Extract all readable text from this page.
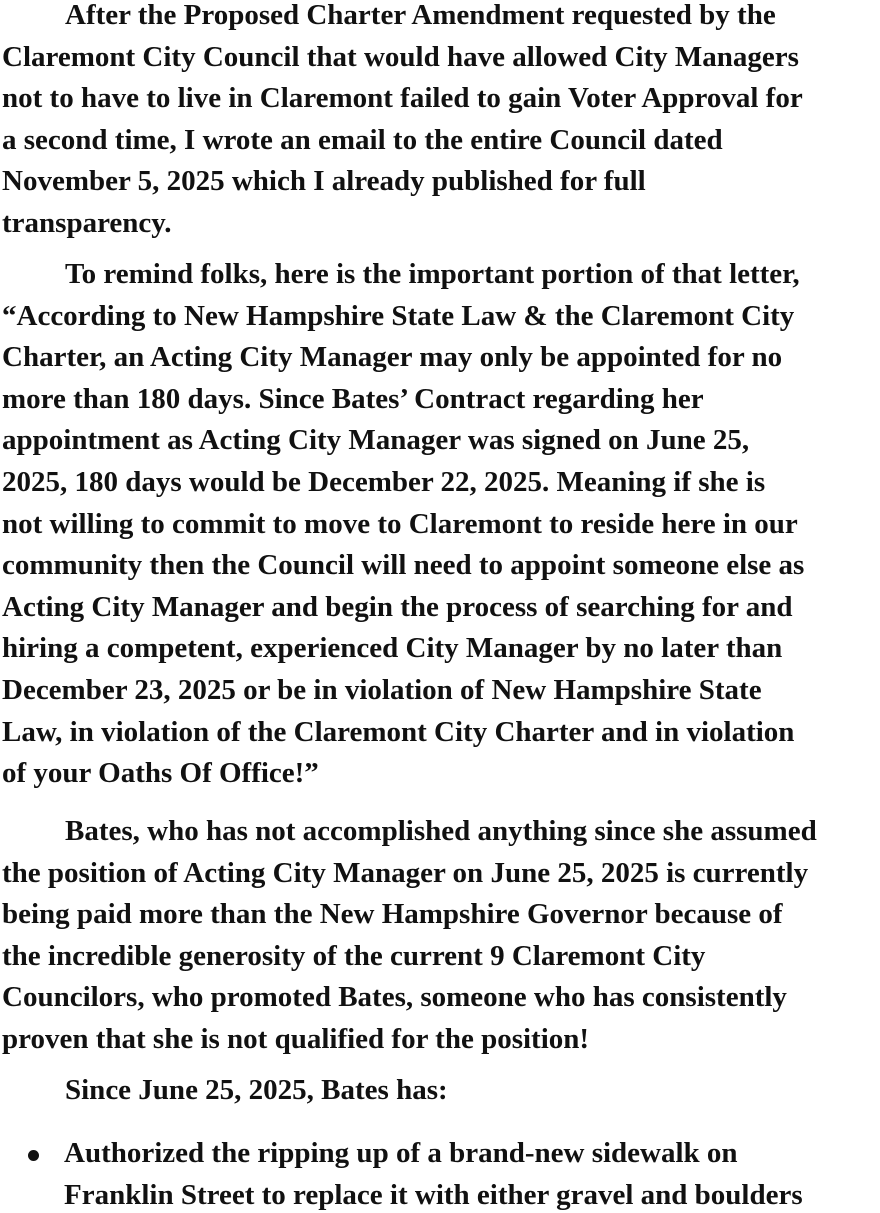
After the Proposed Charter Amendment requested by the
Claremont City Council that would have allowed City Managers
not to have to live in Claremont failed to gain Voter Approval for
a second time, I wrote an email to the entire Council dated
November 5, 2025 which I already published for full
transparency.
To remind folks, here is the important portion of that letter,
“According to New Hampshire State Law & the Claremont City
Charter, an Acting City Manager may only be appointed for no
more than 180 days. Since Bates’ Contract regarding her
appointment as Acting City Manager was signed on June 25,
2025, 180 days would be December 22, 2025. Meaning if she is
not willing to commit to move to Claremont to reside here in our
community then the Council will need to appoint someone else as
Acting City Manager and begin the process of searching for and
hiring a competent, experienced City Manager by no later than
December 23, 2025 or be in violation of New Hampshire State
Law, in violation of the Claremont City Charter and in violation
of your Oaths Of Office!”
Bates, who has not accomplished anything since she assumed
the position of Acting City Manager on June 25, 2025 is currently
being paid more than the New Hampshire Governor because of
the incredible generosity of the current 9 Claremont City
Councilors, who promoted Bates, someone who has consistently
proven that she is not qualified for the position!
Since June 25, 2025, Bates has:
Authorized the ripping up of a brand-new sidewalk on
Franklin Street to replace it with either gravel and boulders
